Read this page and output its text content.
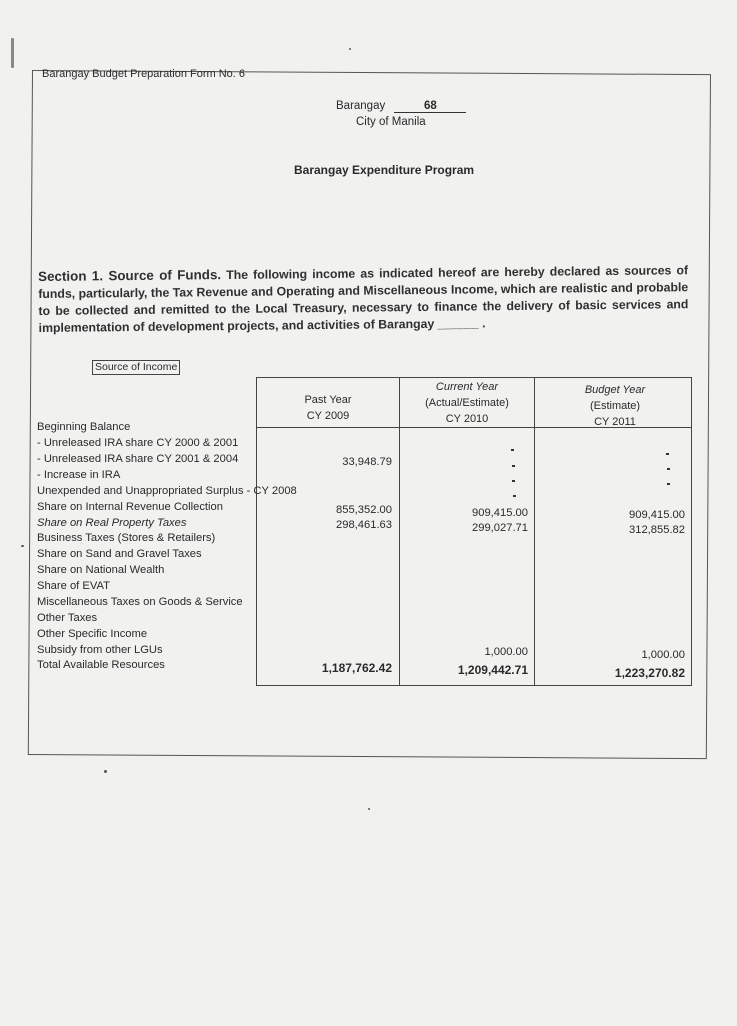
Barangay Budget Preparation Form No. 6
Barangay	68
City of Manila
Barangay Expenditure Program
Section 1. Source of Funds. The following income as indicated hereof are hereby declared as sources of funds, particularly, the Tax Revenue and Operating and Miscellaneous Income, which are realistic and probable to be collected and remitted to the Local Treasury, necessary to finance the delivery of basic services and implementation of development projects, and activities of Barangay ______ .
Source of Income
Past Year
CY 2009
Current Year
(Actual/Estimate)
CY 2010
Budget Year
(Estimate)
CY 2011
Beginning Balance
- Unreleased IRA share CY 2000 & 2001
- Unreleased IRA share CY 2001 & 2004
- Increase in IRA
Unexpended and Unappropriated Surplus - CY 2008
Share on Internal Revenue Collection
Share on Real Property Taxes
Business Taxes (Stores & Retailers)
Share on Sand and Gravel Taxes
Share on National Wealth
Share of EVAT
Miscellaneous Taxes on Goods & Service
Other Taxes
Other Specific Income
Subsidy from other LGUs
Total Available Resources
33,948.79
855,352.00
298,461.63
1,187,762.42
909,415.00
299,027.71
1,000.00
1,209,442.71
909,415.00
312,855.82
1,000.00
1,223,270.82
